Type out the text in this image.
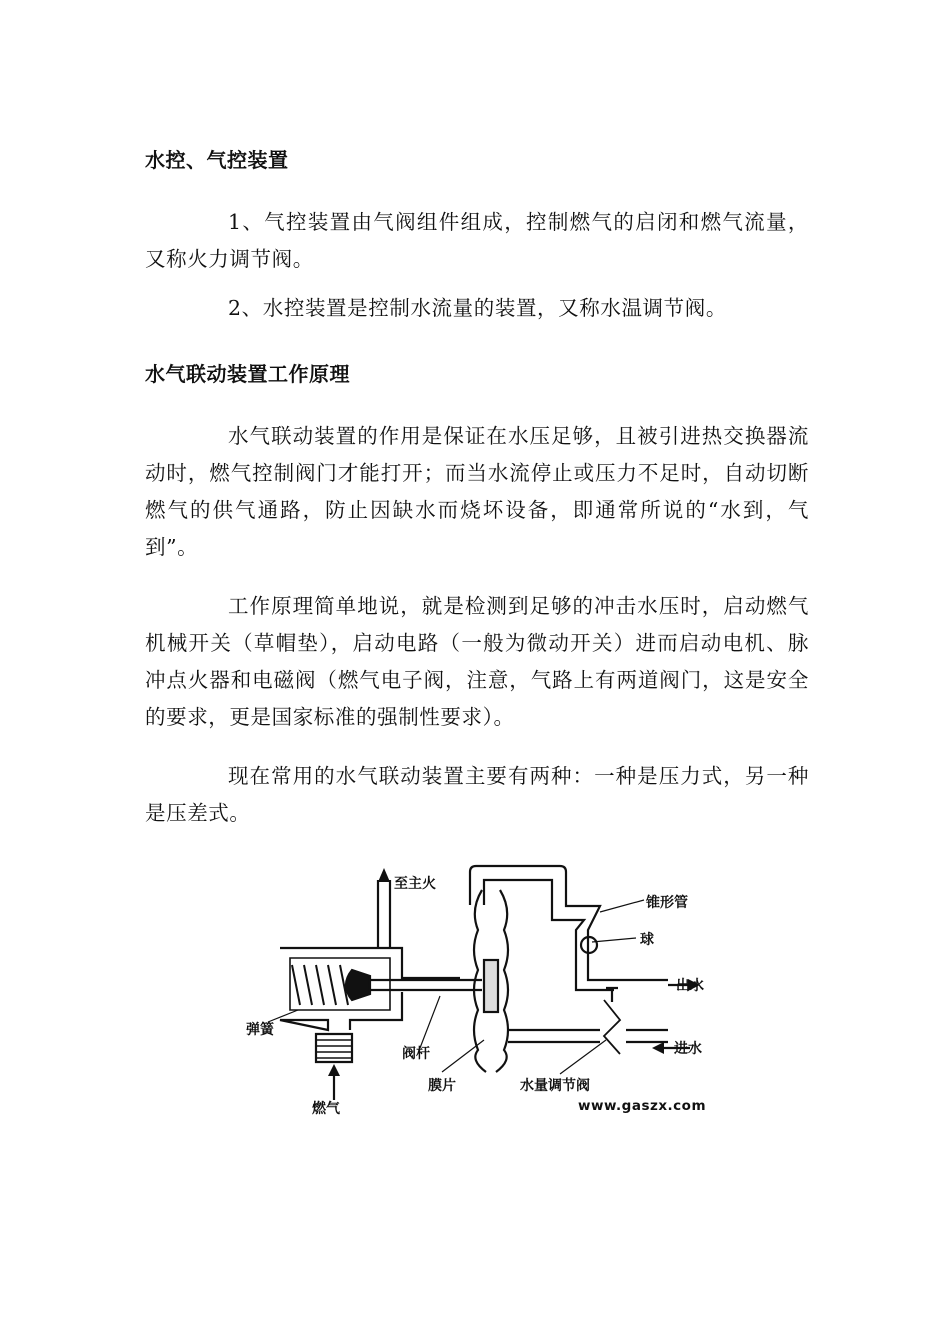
水控、气控装置

1、气控装置由气阀组件组成，控制燃气的启闭和燃气流量，又称火力调节阀。

2、水控装置是控制水流量的装置，又称水温调节阀。

水气联动装置工作原理

水气联动装置的作用是保证在水压足够，且被引进热交换器流动时，燃气控制阀门才能打开；而当水流停止或压力不足时，自动切断燃气的供气通路，防止因缺水而烧坏设备，即通常所说的“水到，气到”。

工作原理简单地说，就是检测到足够的冲击水压时，启动燃气机械开关（草帽垫），启动电路（一般为微动开关）进而启动电机、脉冲点火器和电磁阀（燃气电子阀，注意，气路上有两道阀门，这是安全的要求，更是国家标准的强制性要求）。

现在常用的水气联动装置主要有两种：一种是压力式，另一种是压差式。

至主火
锥形管
球
出水
进水
弹簧
阀杆
膜片	水量调节阀
燃气	www.gaszx.com
